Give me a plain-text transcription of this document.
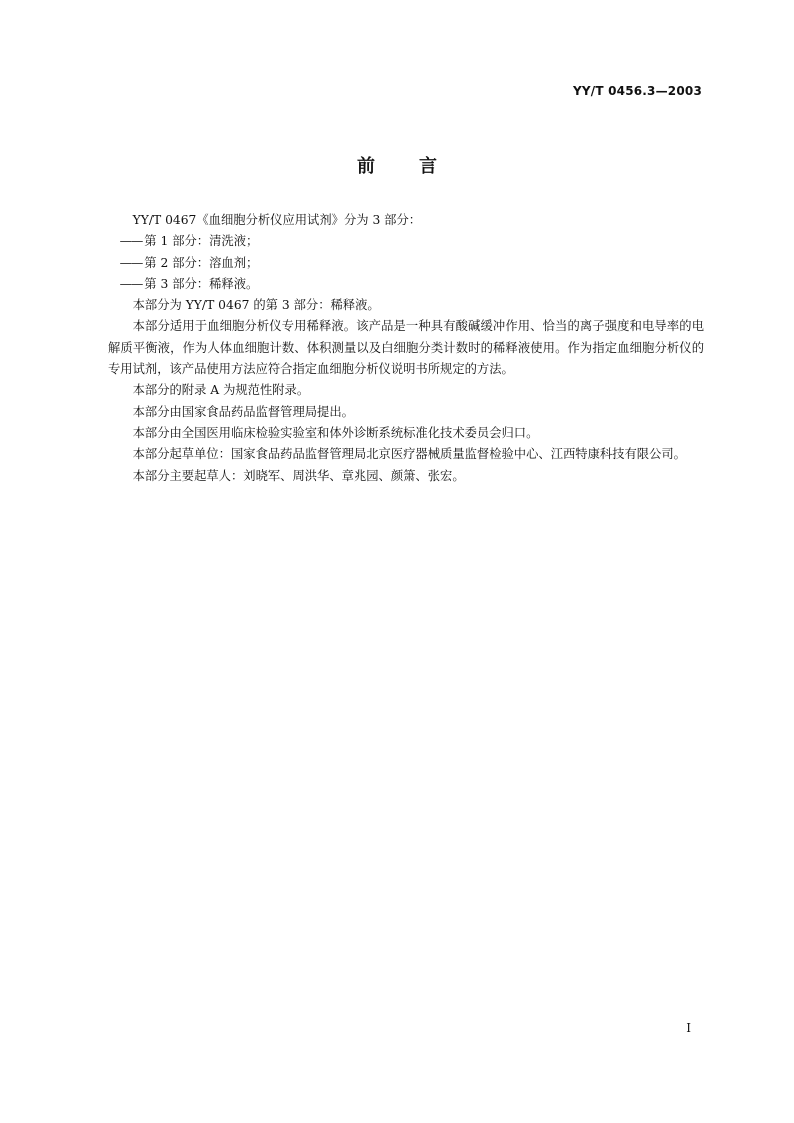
YY/T 0456.3—2003
前言

YY/T 0467《血细胞分析仪应用试剂》分为 3 部分：

—— 第 1 部分：清洗液；

—— 第 2 部分：溶血剂；

—— 第 3 部分：稀释液。

本部分为 YY/T 0467 的第 3 部分：稀释液。

本部分适用于血细胞分析仪专用稀释液。该产品是一种具有酸碱缓冲作用、恰当的离子强度和电导率的电解质平衡液，作为人体血细胞计数、体积测量以及白细胞分类计数时的稀释液使用。作为指定血细胞分析仪的专用试剂，该产品使用方法应符合指定血细胞分析仪说明书所规定的方法。

本部分的附录 A 为规范性附录。

本部分由国家食品药品监督管理局提出。

本部分由全国医用临床检验实验室和体外诊断系统标准化技术委员会归口。

本部分起草单位：国家食品药品监督管理局北京医疗器械质量监督检验中心、江西特康科技有限公司。

本部分主要起草人：刘晓军、周洪华、章兆园、颜箫、张宏。

I
